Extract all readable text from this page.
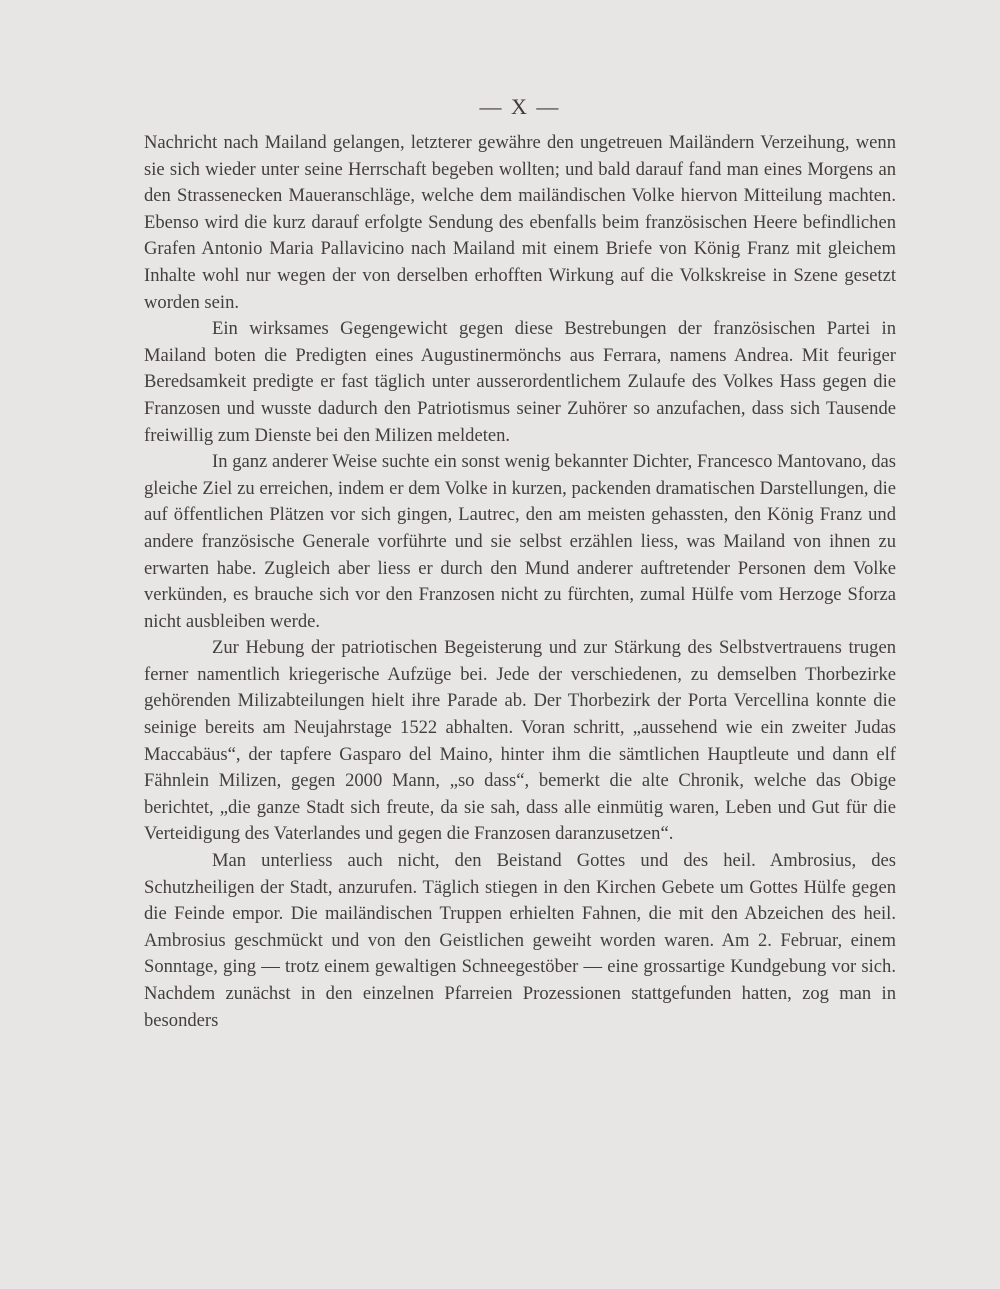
— X —

Nachricht nach Mailand gelangen, letzterer gewähre den ungetreuen Mailändern Verzeihung, wenn sie sich wieder unter seine Herrschaft begeben wollten; und bald darauf fand man eines Morgens an den Strassenecken Maueranschläge, welche dem mailändischen Volke hiervon Mitteilung machten. Ebenso wird die kurz darauf erfolgte Sendung des ebenfalls beim französischen Heere befindlichen Grafen Antonio Maria Pallavicino nach Mailand mit einem Briefe von König Franz mit gleichem Inhalte wohl nur wegen der von derselben erhofften Wirkung auf die Volkskreise in Szene gesetzt worden sein.

Ein wirksames Gegengewicht gegen diese Bestrebungen der französischen Partei in Mailand boten die Predigten eines Augustinermönchs aus Ferrara, namens Andrea. Mit feuriger Beredsamkeit predigte er fast täglich unter ausserordentlichem Zulaufe des Volkes Hass gegen die Franzosen und wusste dadurch den Patriotismus seiner Zuhörer so anzufachen, dass sich Tausende freiwillig zum Dienste bei den Milizen meldeten.

In ganz anderer Weise suchte ein sonst wenig bekannter Dichter, Francesco Mantovano, das gleiche Ziel zu erreichen, indem er dem Volke in kurzen, packenden dramatischen Darstellungen, die auf öffentlichen Plätzen vor sich gingen, Lautrec, den am meisten gehassten, den König Franz und andere französische Generale vorführte und sie selbst erzählen liess, was Mailand von ihnen zu erwarten habe. Zugleich aber liess er durch den Mund anderer auftretender Personen dem Volke verkünden, es brauche sich vor den Franzosen nicht zu fürchten, zumal Hülfe vom Herzoge Sforza nicht ausbleiben werde.

Zur Hebung der patriotischen Begeisterung und zur Stärkung des Selbstvertrauens trugen ferner namentlich kriegerische Aufzüge bei. Jede der verschiedenen, zu demselben Thorbezirke gehörenden Milizabteilungen hielt ihre Parade ab. Der Thorbezirk der Porta Vercellina konnte die seinige bereits am Neujahrstage 1522 abhalten. Voran schritt, „aussehend wie ein zweiter Judas Maccabäus“, der tapfere Gasparo del Maino, hinter ihm die sämtlichen Hauptleute und dann elf Fähnlein Milizen, gegen 2000 Mann, „so dass“, bemerkt die alte Chronik, welche das Obige berichtet, „die ganze Stadt sich freute, da sie sah, dass alle einmütig waren, Leben und Gut für die Verteidigung des Vaterlandes und gegen die Franzosen daranzusetzen“.

Man unterliess auch nicht, den Beistand Gottes und des heil. Ambrosius, des Schutzheiligen der Stadt, anzurufen. Täglich stiegen in den Kirchen Gebete um Gottes Hülfe gegen die Feinde empor. Die mailändischen Truppen erhielten Fahnen, die mit den Abzeichen des heil. Ambrosius geschmückt und von den Geistlichen geweiht worden waren. Am 2. Februar, einem Sonntage, ging — trotz einem gewaltigen Schneegestöber — eine grossartige Kundgebung vor sich. Nachdem zunächst in den einzelnen Pfarreien Prozessionen stattgefunden hatten, zog man in besonders
